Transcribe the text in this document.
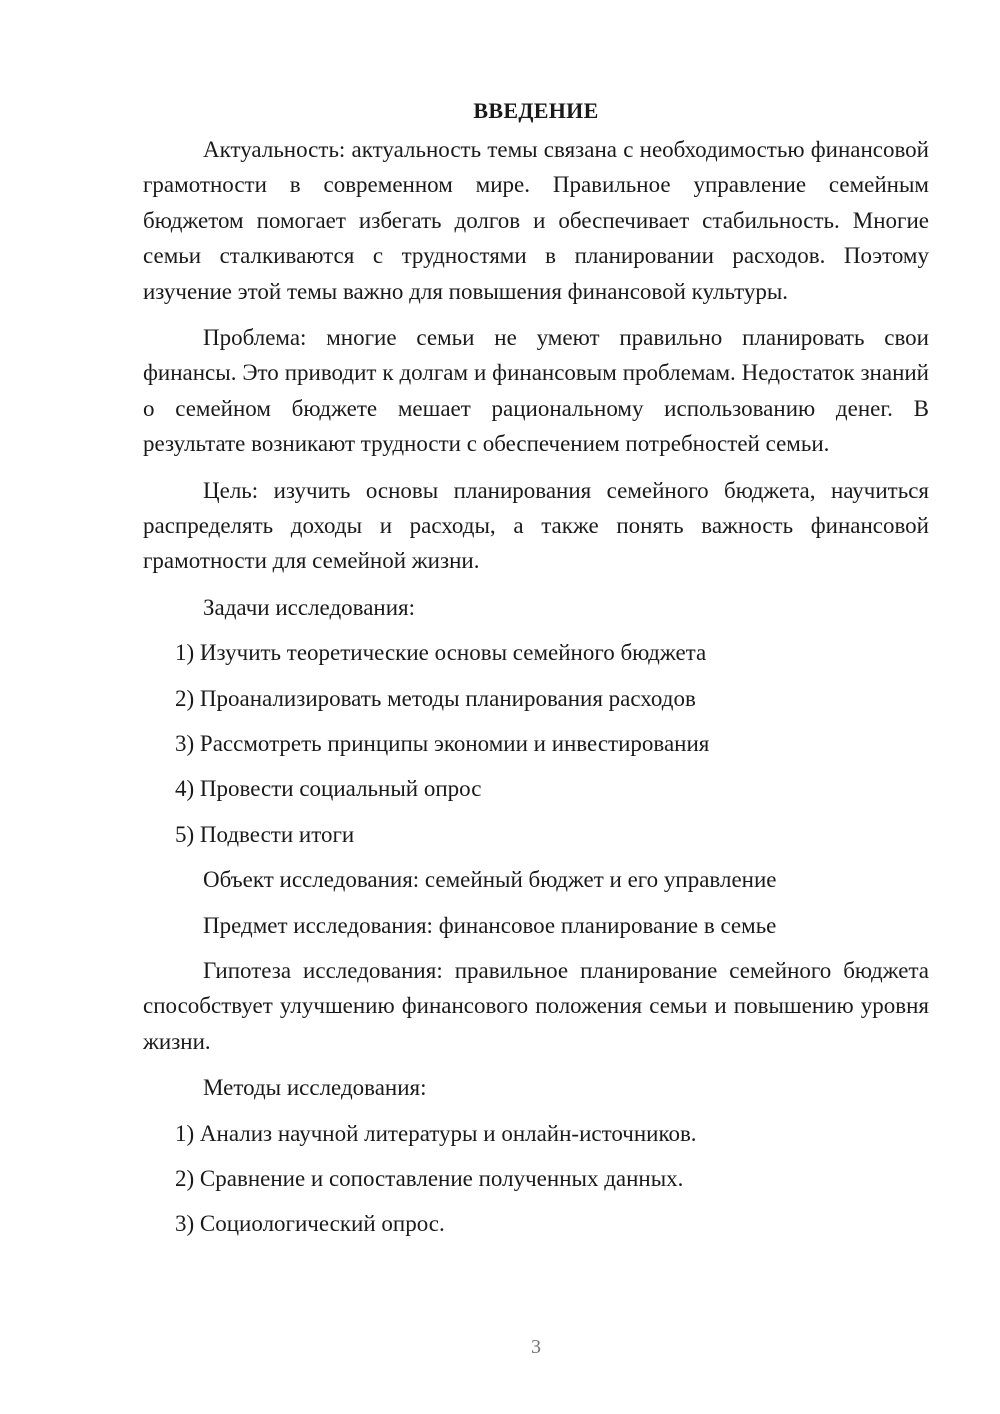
ВВЕДЕНИЕ

Актуальность: актуальность темы связана с необходимостью финансовой грамотности в современном мире. Правильное управление семейным бюджетом помогает избегать долгов и обеспечивает стабильность. Многие семьи сталкиваются с трудностями в планировании расходов. Поэтому изучение этой темы важно для повышения финансовой культуры.

Проблема: многие семьи не умеют правильно планировать свои финансы. Это приводит к долгам и финансовым проблемам. Недостаток знаний о семейном бюджете мешает рациональному использованию денег. В результате возникают трудности с обеспечением потребностей семьи.

Цель: изучить основы планирования семейного бюджета, научиться распределять доходы и расходы, а также понять важность финансовой грамотности для семейной жизни.

Задачи исследования:
1) Изучить теоретические основы семейного бюджета
2) Проанализировать методы планирования расходов
3) Рассмотреть принципы экономии и инвестирования
4) Провести социальный опрос
5) Подвести итоги
Объект исследования: семейный бюджет и его управление
Предмет исследования: финансовое планирование в семье

Гипотеза исследования: правильное планирование семейного бюджета способствует улучшению финансового положения семьи и повышению уровня жизни.

Методы исследования:
1) Анализ научной литературы и онлайн-источников.
2) Сравнение и сопоставление полученных данных.
3) Социологический опрос.
3
